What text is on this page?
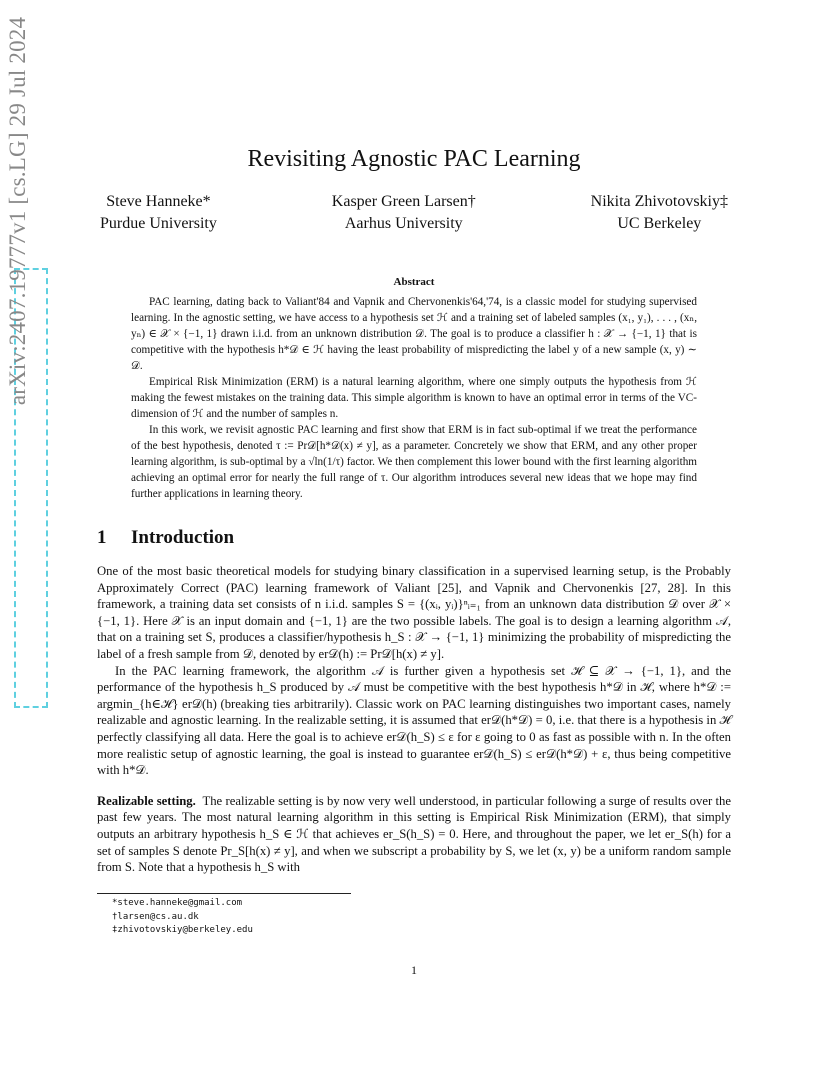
arXiv:2407.19777v1 [cs.LG] 29 Jul 2024	Revisiting Agnostic PAC Learning
Steve Hanneke*
Purdue University
Kasper Green Larsen†
Aarhus University
Nikita Zhivotovskiy‡
UC Berkeley
Abstract

PAC learning, dating back to Valiant'84 and Vapnik and Chervonenkis'64,'74, is a classic model for studying supervised learning. In the agnostic setting, we have access to a hypothesis set ℋ and a training set of labeled samples (x₁, y₁), . . . , (xₙ, yₙ) ∈ 𝒳 × {−1, 1} drawn i.i.d. from an unknown distribution 𝒟. The goal is to produce a classifier h : 𝒳 → {−1, 1} that is competitive with the hypothesis h*𝒟 ∈ ℋ having the least probability of mispredicting the label y of a new sample (x, y) ∼ 𝒟.

Empirical Risk Minimization (ERM) is a natural learning algorithm, where one simply outputs the hypothesis from ℋ making the fewest mistakes on the training data. This simple algorithm is known to have an optimal error in terms of the VC-dimension of ℋ and the number of samples n.

In this work, we revisit agnostic PAC learning and first show that ERM is in fact sub-optimal if we treat the performance of the best hypothesis, denoted τ := Pr𝒟[h*𝒟(x) ≠ y], as a parameter. Concretely we show that ERM, and any other proper learning algorithm, is sub-optimal by a √ln(1/τ) factor. We then complement this lower bound with the first learning algorithm achieving an optimal error for nearly the full range of τ. Our algorithm introduces several new ideas that we hope may find further applications in learning theory.

1 Introduction

One of the most basic theoretical models for studying binary classification in a supervised learning setup, is the Probably Approximately Correct (PAC) learning framework of Valiant [25], and Vapnik and Chervonenkis [27, 28]. In this framework, a training data set consists of n i.i.d. samples S = {(xᵢ, yᵢ)}ⁿᵢ₌₁ from an unknown data distribution 𝒟 over 𝒳 × {−1, 1}. Here 𝒳 is an input domain and {−1, 1} are the two possible labels. The goal is to design a learning algorithm 𝒜, that on a training set S, produces a classifier/hypothesis h_S : 𝒳 → {−1, 1} minimizing the probability of mispredicting the label of a fresh sample from 𝒟, denoted by er𝒟(h) := Pr𝒟[h(x) ≠ y].

In the PAC learning framework, the algorithm 𝒜 is further given a hypothesis set ℋ ⊆ 𝒳 → {−1, 1}, and the performance of the hypothesis h_S produced by 𝒜 must be competitive with the best hypothesis h*𝒟 in ℋ, where h*𝒟 := argmin_{h∈ℋ} er𝒟(h) (breaking ties arbitrarily). Classic work on PAC learning distinguishes two important cases, namely realizable and agnostic learning. In the realizable setting, it is assumed that er𝒟(h*𝒟) = 0, i.e. that there is a hypothesis in ℋ perfectly classifying all data. Here the goal is to achieve er𝒟(h_S) ≤ ε for ε going to 0 as fast as possible with n. In the often more realistic setup of agnostic learning, the goal is instead to guarantee er𝒟(h_S) ≤ er𝒟(h*𝒟) + ε, thus being competitive with h*𝒟.

Realizable setting. The realizable setting is by now very well understood, in particular following a surge of results over the past few years. The most natural learning algorithm in this setting is Empirical Risk Minimization (ERM), that simply outputs an arbitrary hypothesis h_S ∈ ℋ that achieves er_S(h_S) = 0. Here, and throughout the paper, we let er_S(h) for a set of samples S denote Pr_S[h(x) ≠ y], and when we subscript a probability by S, we let (x, y) be a uniform random sample from S. Note that a hypothesis h_S with

*steve.hanneke@gmail.com
†larsen@cs.au.dk
‡zhivotovskiy@berkeley.edu
1
